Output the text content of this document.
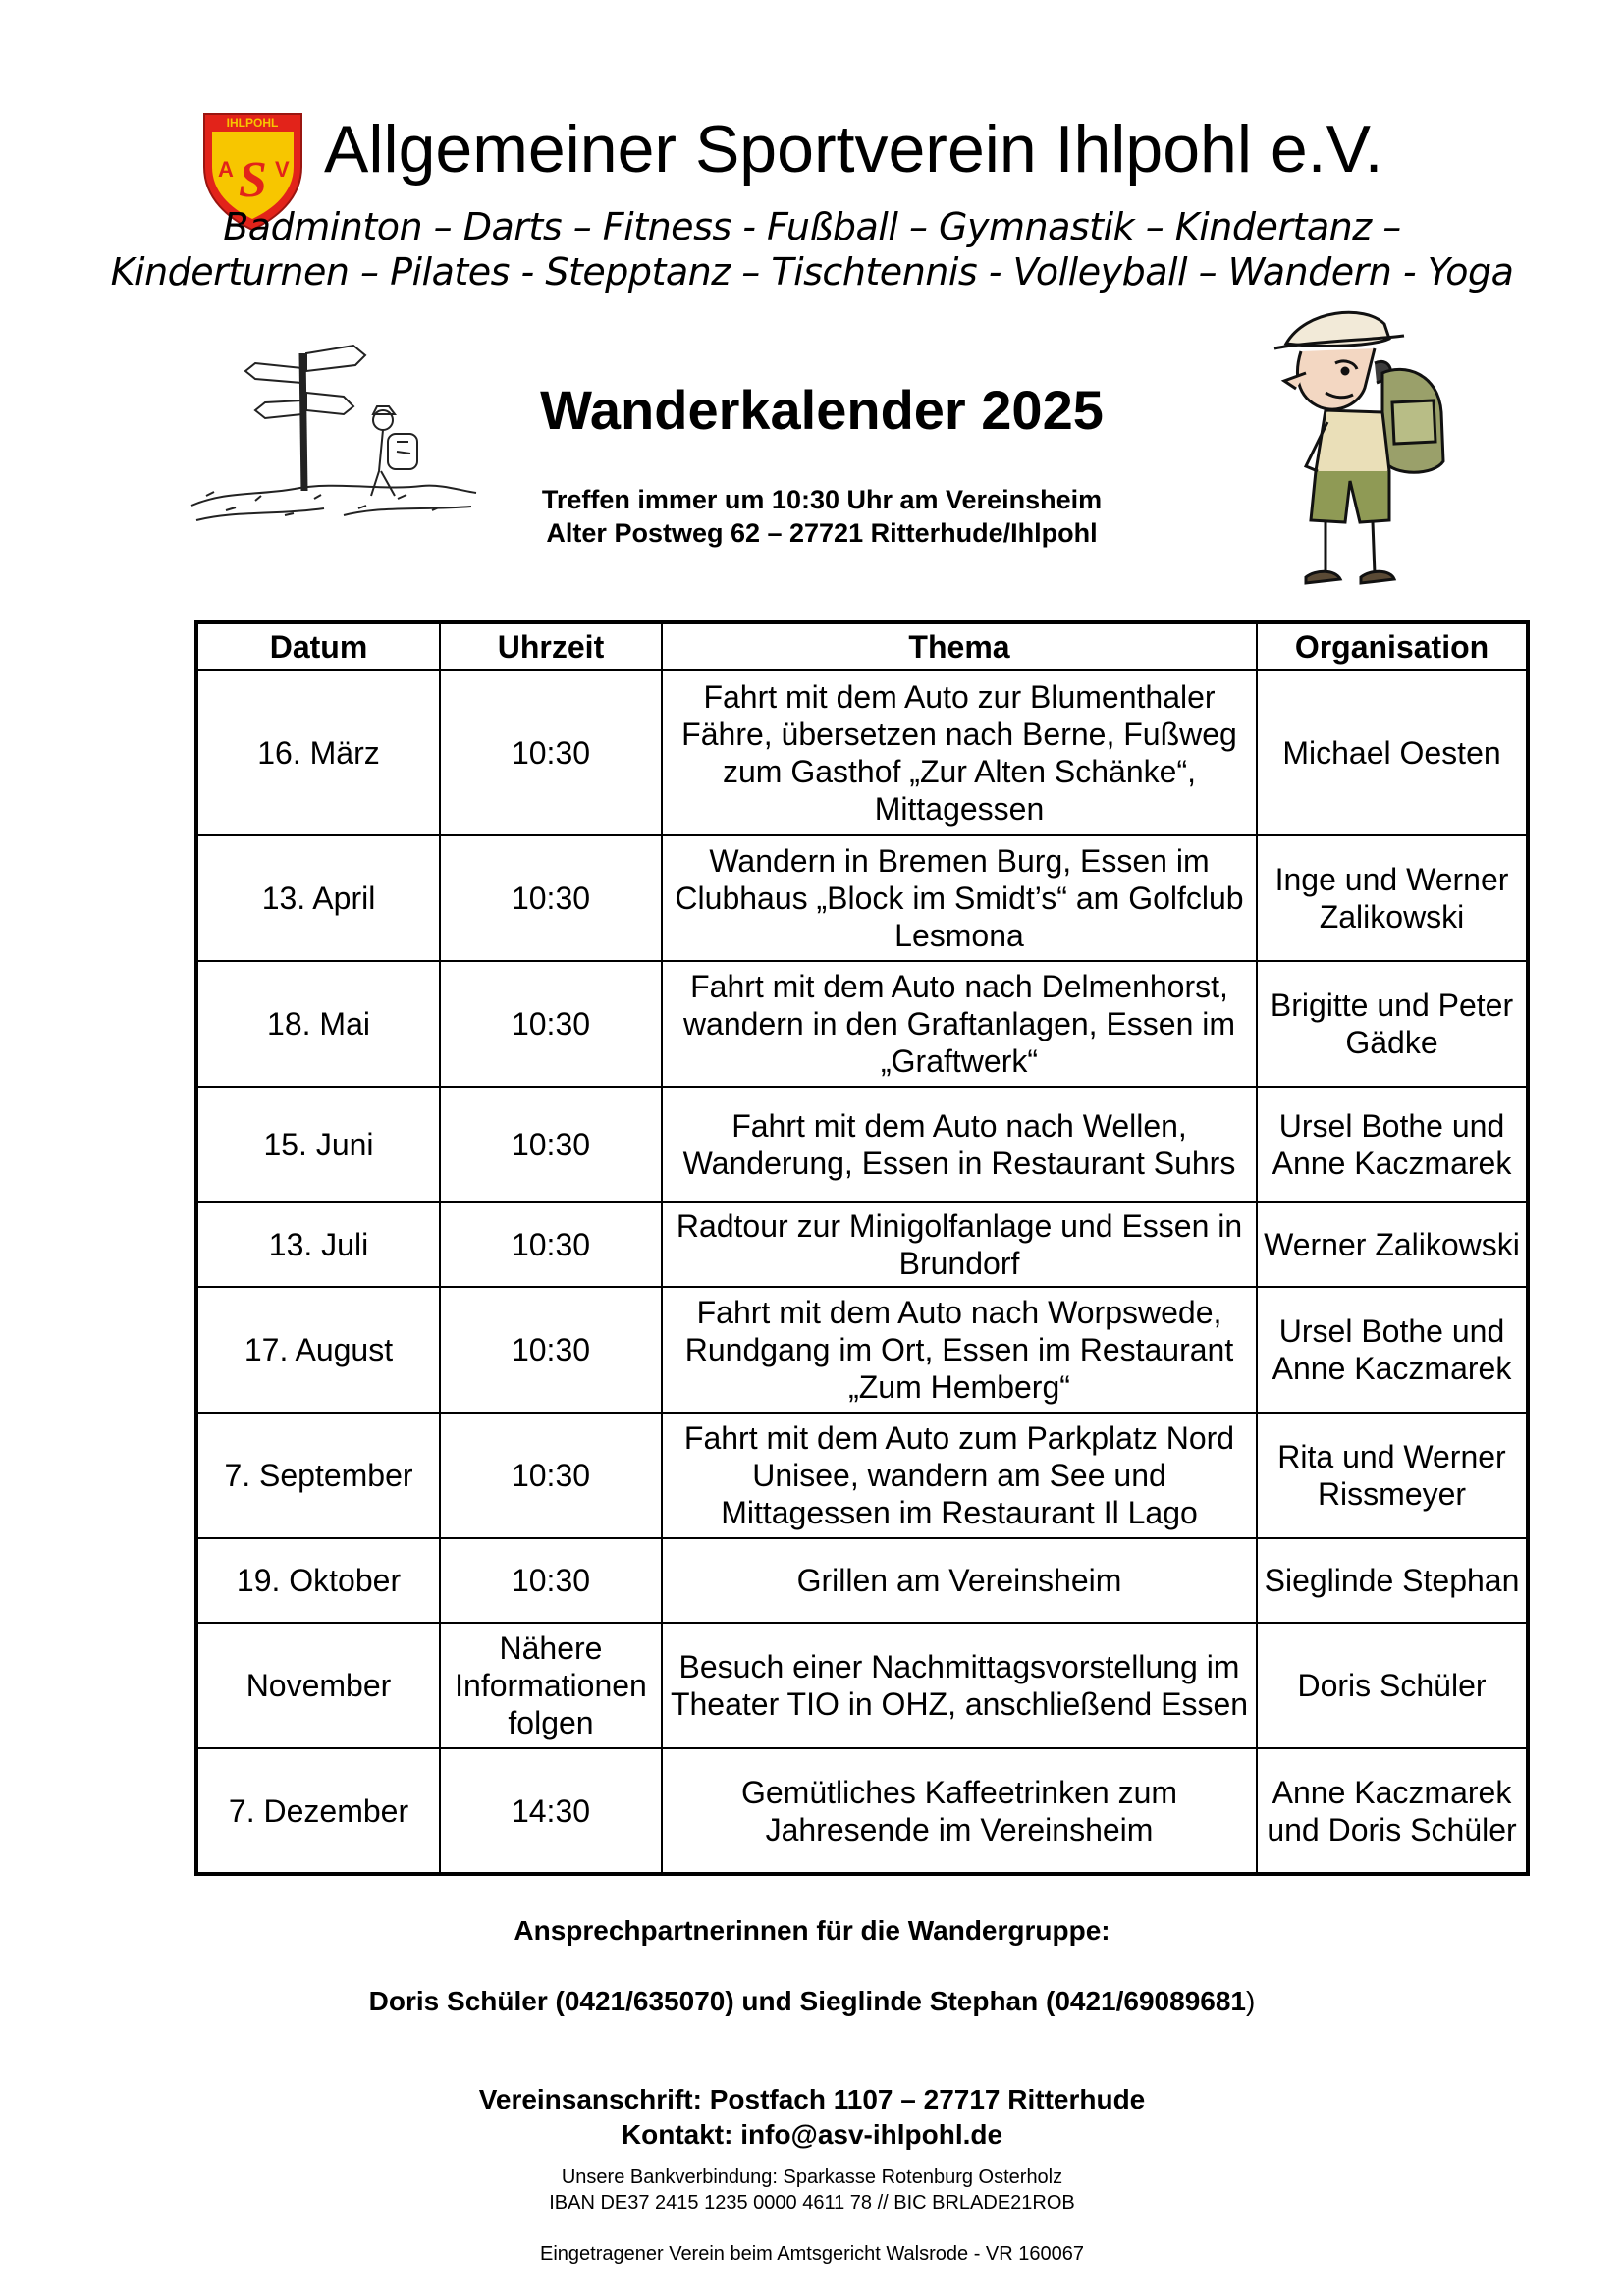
IHLPOHL
A S V Allgemeiner Sportverein Ihlpohl e.V.
Badminton – Darts – Fitness - Fußball – Gymnastik – Kindertanz –
Kinderturnen – Pilates - Stepptanz – Tischtennis - Volleyball – Wandern - Yoga
Wanderkalender 2025
Treffen immer um 10:30 Uhr am Vereinsheim
Alter Postweg 62 – 27721 Ritterhude/Ihlpohl
Datum	Uhrzeit	Thema	Organisation
16. März	10:30	Fahrt mit dem Auto zur Blumenthaler Fähre, übersetzen nach Berne, Fußweg zum Gasthof „Zur Alten Schänke“, Mittagessen	Michael Oesten
13. April	10:30	Wandern in Bremen Burg, Essen im Clubhaus „Block im Smidt’s“ am Golfclub Lesmona	Inge und Werner Zalikowski
18. Mai	10:30	Fahrt mit dem Auto nach Delmenhorst, wandern in den Graftanlagen, Essen im „Graftwerk“	Brigitte und Peter Gädke
15. Juni	10:30	Fahrt mit dem Auto nach Wellen, Wanderung, Essen in Restaurant Suhrs	Ursel Bothe und Anne Kaczmarek
13. Juli	10:30	Radtour zur Minigolfanlage und Essen in Brundorf	Werner Zalikowski
17. August	10:30	Fahrt mit dem Auto nach Worpswede, Rundgang im Ort, Essen im Restaurant „Zum Hemberg“	Ursel Bothe und Anne Kaczmarek
7. September	10:30	Fahrt mit dem Auto zum Parkplatz Nord Unisee, wandern am See und Mittagessen im Restaurant Il Lago	Rita und Werner Rissmeyer
19. Oktober	10:30	Grillen am Vereinsheim	Sieglinde Stephan
November	Nähere Informationen folgen	Besuch einer Nachmittagsvorstellung im Theater TIO in OHZ, anschließend Essen	Doris Schüler
7. Dezember	14:30	Gemütliches Kaffeetrinken zum Jahresende im Vereinsheim	Anne Kaczmarek und Doris Schüler
Ansprechpartnerinnen für die Wandergruppe:
Doris Schüler (0421/635070) und Sieglinde Stephan (0421/69089681)
Vereinsanschrift: Postfach 1107 – 27717 Ritterhude
Kontakt: info@asv-ihlpohl.de
Unsere Bankverbindung: Sparkasse Rotenburg Osterholz
IBAN DE37 2415 1235 0000 4611 78 // BIC BRLADE21ROB
Eingetragener Verein beim Amtsgericht Walsrode - VR 160067
